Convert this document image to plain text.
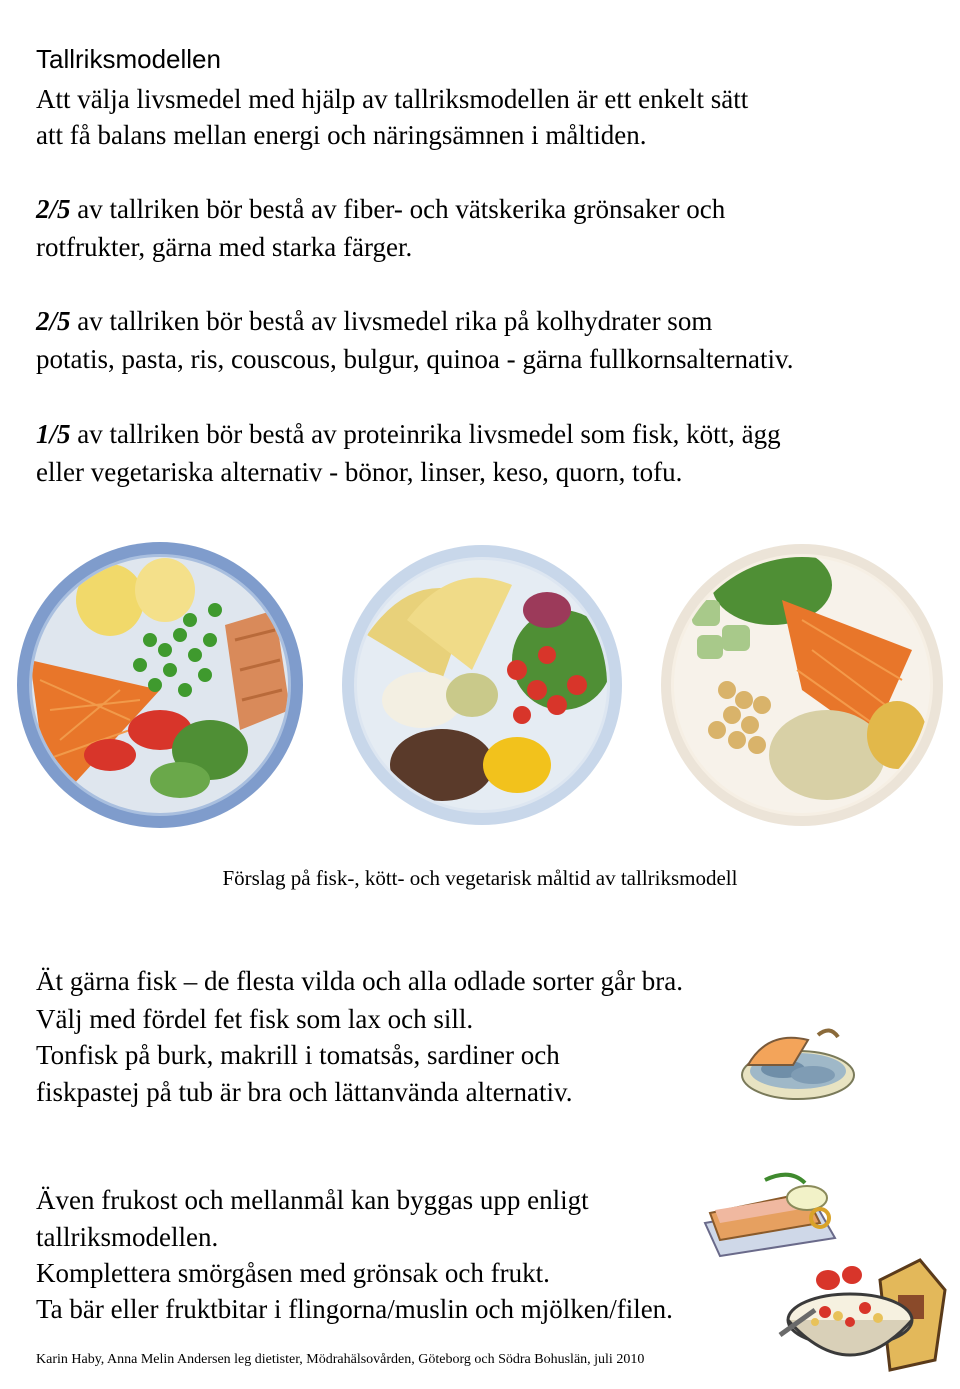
Tallriksmodellen
Att välja livsmedel med hjälp av tallriksmodellen är ett enkelt sätt
att få balans mellan energi och näringsämnen i måltiden.
2/5 av tallriken bör bestå av fiber- och vätskerika grönsaker och
rotfrukter, gärna med starka färger.
2/5 av tallriken bör bestå av livsmedel rika på kolhydrater som
potatis, pasta, ris, couscous, bulgur, quinoa - gärna fullkornsalternativ.
1/5 av tallriken bör bestå av proteinrika livsmedel som fisk, kött, ägg
eller vegetariska alternativ - bönor, linser, keso, quorn, tofu.
Förslag på fisk-, kött- och vegetarisk måltid av tallriksmodell
Ät gärna fisk – de flesta vilda och alla odlade sorter går bra.
Välj med fördel fet fisk som lax och sill.
Tonfisk på burk, makrill i tomatsås, sardiner och
fiskpastej på tub är bra och lättanvända alternativ.
Även frukost och mellanmål kan byggas upp enligt
tallriksmodellen.
Komplettera smörgåsen med grönsak och frukt.
Ta bär eller fruktbitar i flingorna/muslin och mjölken/filen.
Karin Haby, Anna Melin Andersen leg dietister, Mödrahälsovården, Göteborg och Södra Bohuslän, juli 2010
